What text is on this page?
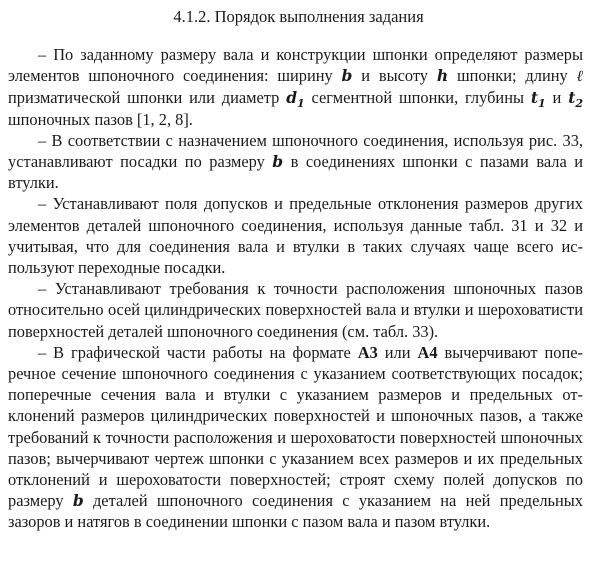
4.1.2. Порядок выполнения задания

– По заданному размеру вала и конструкции шпонки определяют размеры элементов шпоночного соединения: ширину b и высоту h шпонки; длину ℓ призматической шпонки или диаметр $d_1$ сегментной шпонки, глубины $t_1$ и $t_2$ шпоночных пазов [1, 2, 8].

– В соответствии с назначением шпоночного соединения, используя рис. 33, устанавливают посадки по размеру b в соединениях шпонки с пазами вала и втулки.

– Устанавливают поля допусков и предельные отклонения размеров других элементов деталей шпоночного соединения, используя данные табл. 31 и 32 и учитывая, что для соединения вала и втулки в таких случаях чаще всего используют переходные посадки.

– Устанавливают требования к точности расположения шпоночных пазов относительно осей цилиндрических поверхностей вала и втулки и шероховатисти поверхностей деталей шпоночного соединения (см. табл. 33).

– В графической части работы на формате А3 или А4 вычерчивают поперечное сечение шпоночного соединения с указанием соответствующих посадок; поперечные сечения вала и втулки с указанием размеров и предельных отклонений размеров цилиндрических поверхностей и шпоночных пазов, а также требований к точности расположения и шероховатости поверхностей шпоночных пазов; вычерчивают чертеж шпонки с указанием всех размеров и их предельных отклонений и шероховатости поверхностей; строят схему полей допусков по размеру b деталей шпоночного соединения с указанием на ней предельных зазоров и натягов в соединении шпонки с пазом вала и пазом втулки.
